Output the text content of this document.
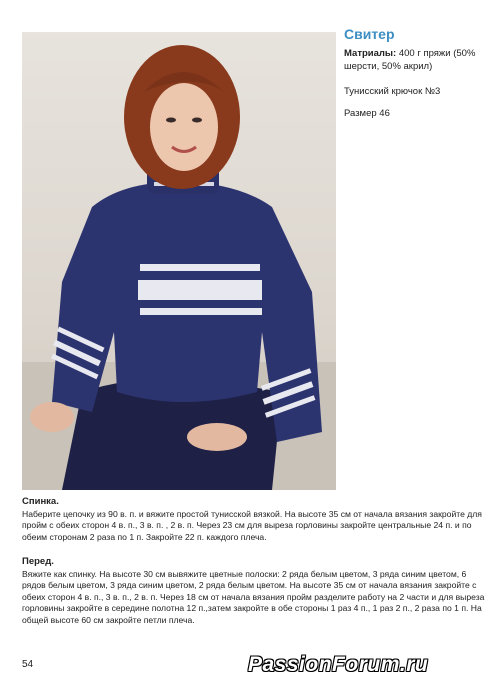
Свитер
Матриалы: 400 г пряжи (50% шерсти, 50% акрил)
Тунисский крючок №3
Размер 46
Спинка.
Наберите цепочку из 90 в. п. и вяжите простой тунисской вязкой. На высоте 35 см от начала вязания закройте для пройм с обеих сторон 4 в. п., 3 в. п. , 2 в. п. Через 23 см для выреза горловины закройте центральные 24 п. и по обеим сторонам 2 раза по 1 п. Закройте 22 п. каждого плеча.
Перед.
Вяжите как спинку. На высоте 30 см вывяжите цветные полоски: 2 ряда белым цветом, 3 ряда синим цветом, 6 рядов белым цветом, 3 ряда синим цветом, 2 ряда белым цветом. На высоте 35 см от начала вязания закройте с обеих сторон 4 в. п., 3 в. п., 2 в. п. Через 18 см от начала вязания пройм разделите работу на 2 части и для выреза горловины закройте в середине полотна 12 п.,затем закройте в обе стороны 1 раз 4 п., 1 раз 2 п., 2 раза по 1 п. На общей высоте 60 см закройте петли плеча.
54	PassionForum.ru
